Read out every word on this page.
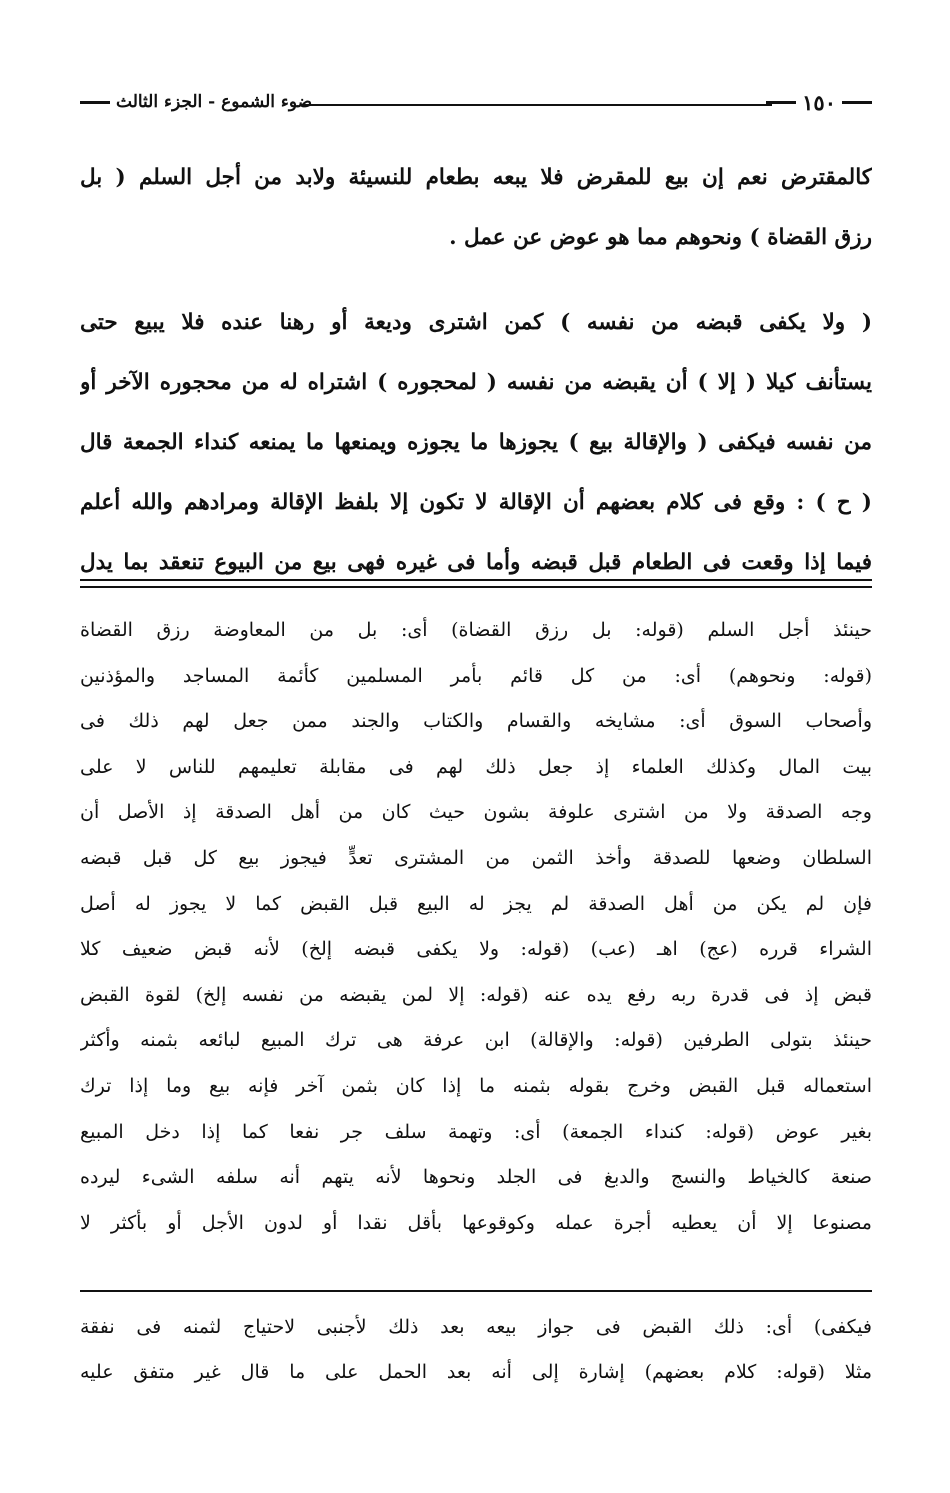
١٥٠
ضوء الشموع - الجزء الثالث

كالمقترض نعم إن بيع للمقرض فلا يبعه بطعام للنسيئة ولابد من أجل السلم ( بل

رزق القضاة ) ونحوهم مما هو عوض عن عمل .

( ولا يكفى قبضه من نفسه ) كمن اشترى وديعة أو رهنا عنده فلا يبيع حتى

يستأنف كيلا ( إلا ) أن يقبضه من نفسه ( لمحجوره ) اشتراه له من محجوره الآخر أو

من نفسه فيكفى ( والإقالة بيع ) يجوزها ما يجوزه ويمنعها ما يمنعه كنداء الجمعة قال

( ح ) : وقع فى كلام بعضهم أن الإقالة لا تكون إلا بلفظ الإقالة ومرادهم والله أعلم

فيما إذا وقعت فى الطعام قبل قبضه وأما فى غيره فهى بيع من البيوع تنعقد بما يدل

حينئذ أجل السلم (قوله: بل رزق القضاة) أى: بل من المعاوضة رزق القضاة

(قوله: ونحوهم) أى: من كل قائم بأمر المسلمين كأئمة المساجد والمؤذنين

وأصحاب السوق أى: مشايخه والقسام والكتاب والجند ممن جعل لهم ذلك فى

بيت المال وكذلك العلماء إذ جعل ذلك لهم فى مقابلة تعليمهم للناس لا على

وجه الصدقة ولا من اشترى علوفة بشون حيث كان من أهل الصدقة إذ الأصل أن

السلطان وضعها للصدقة وأخذ الثمن من المشترى تعدٍّ فيجوز بيع كل قبل قبضه

فإن لم يكن من أهل الصدقة لم يجز له البيع قبل القبض كما لا يجوز له أصل

الشراء قرره (عج) اهـ (عب) (قوله: ولا يكفى قبضه إلخ) لأنه قبض ضعيف كلا

قبض إذ فى قدرة ربه رفع يده عنه (قوله: إلا لمن يقبضه من نفسه إلخ) لقوة القبض

حينئذ بتولى الطرفين (قوله: والإقالة) ابن عرفة هى ترك المبيع لبائعه بثمنه وأكثر

استعماله قبل القبض وخرج بقوله بثمنه ما إذا كان بثمن آخر فإنه بيع وما إذا ترك

بغير عوض (قوله: كنداء الجمعة) أى: وتهمة سلف جر نفعا كما إذا دخل المبيع

صنعة كالخياط والنسج والدبغ فى الجلد ونحوها لأنه يتهم أنه سلفه الشىء ليرده

مصنوعا إلا أن يعطيه أجرة عمله وكوقوعها بأقل نقدا أو لدون الأجل أو بأكثر لا

فيكفى) أى: ذلك القبض فى جواز بيعه بعد ذلك لأجنبى لاحتياج لثمنه فى نفقة

مثلا (قوله: كلام بعضهم) إشارة إلى أنه بعد الحمل على ما قال غير متفق عليه
